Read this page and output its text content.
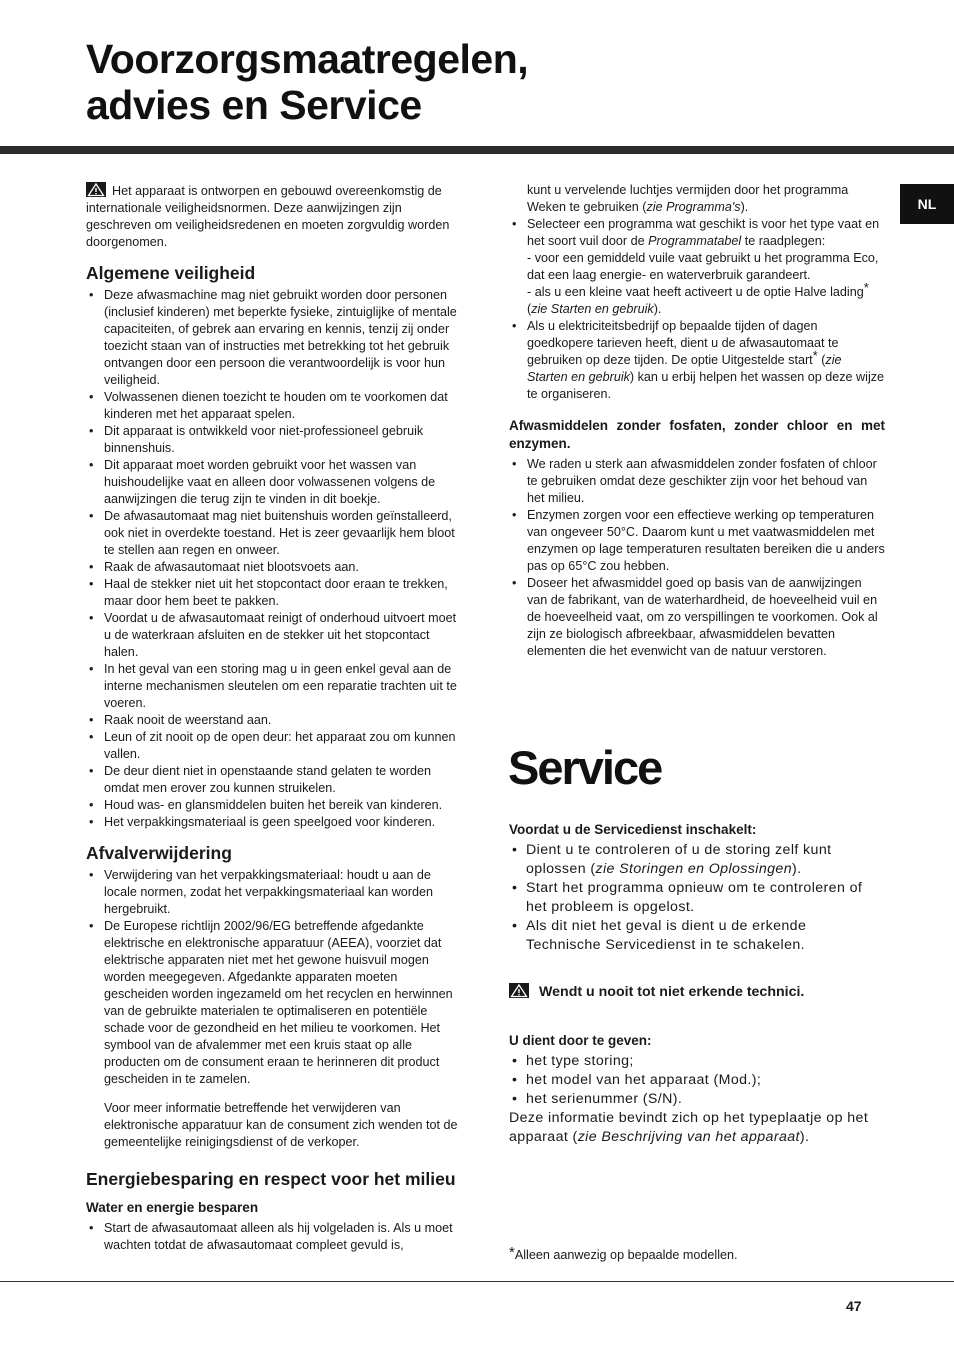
Voorzorgsmaatregelen,
advies en Service
NL

Het apparaat is ontworpen en gebouwd overeenkomstig de internationale veiligheidsnormen. Deze aanwijzingen zijn geschreven om veiligheidsredenen en moeten zorgvuldig worden doorgenomen.

Algemene veiligheid
• Deze afwasmachine mag niet gebruikt worden door personen (inclusief kinderen) met beperkte fysieke, zintuiglijke of mentale capaciteiten, of gebrek aan ervaring en kennis, tenzij zij onder toezicht staan van of instructies met betrekking tot het gebruik ontvangen door een persoon die verantwoordelijk is voor hun veiligheid.
• Volwassenen dienen toezicht te houden om te voorkomen dat kinderen met het apparaat spelen.
• Dit apparaat is ontwikkeld voor niet-professioneel gebruik binnenshuis.
• Dit apparaat moet worden gebruikt voor het wassen van huishoudelijke vaat en alleen door volwassenen volgens de aanwijzingen die terug zijn te vinden in dit boekje.
• De afwasautomaat mag niet buitenshuis worden geïnstalleerd, ook niet in overdekte toestand. Het is zeer gevaarlijk hem bloot te stellen aan regen en onweer.
• Raak de afwasautomaat niet blootsvoets aan.
• Haal de stekker niet uit het stopcontact door eraan te trekken, maar door hem beet te pakken.
• Voordat u de afwasautomaat reinigt of onderhoud uitvoert moet u de waterkraan afsluiten en de stekker uit het stopcontact halen.
• In het geval van een storing mag u in geen enkel geval aan de interne mechanismen sleutelen om een reparatie trachten uit te voeren.
• Raak nooit de weerstand aan.
• Leun of zit nooit op de open deur: het apparaat zou om kunnen vallen.
• De deur dient niet in openstaande stand gelaten te worden omdat men erover zou kunnen struikelen.
• Houd was- en glansmiddelen buiten het bereik van kinderen.
• Het verpakkingsmateriaal is geen speelgoed voor kinderen.
Afvalverwijdering
• Verwijdering van het verpakkingsmateriaal: houdt u aan de locale normen, zodat het verpakkingsmateriaal kan worden hergebruikt.
• De Europese richtlijn 2002/96/EG betreffende afgedankte elektrische en elektronische apparatuur (AEEA), voorziet dat elektrische apparaten niet met het gewone huisvuil mogen worden meegegeven. Afgedankte apparaten moeten gescheiden worden ingezameld om het recyclen en herwinnen van de gebruikte materialen te optimaliseren en potentiële schade voor de gezondheid en het milieu te voorkomen. Het symbool van de afvalemmer met een kruis staat op alle producten om de consument eraan te herinneren dit product gescheiden in te zamelen.
Voor meer informatie betreffende het verwijderen van elektronische apparatuur kan de consument zich wenden tot de gemeentelijke reinigingsdienst of de verkoper.
Energiebesparing en respect voor het milieu
Water en energie besparen
• Start de afwasautomaat alleen als hij volgeladen is. Als u moet wachten totdat de afwasautomaat compleet gevuld is,
kunt u vervelende luchtjes vermijden door het programma Weken te gebruiken (zie Programma's).
• Selecteer een programma wat geschikt is voor het type vaat en het soort vuil door de Programmatabel te raadplegen:
- voor een gemiddeld vuile vaat gebruikt u het programma Eco, dat een laag energie- en waterverbruik garandeert.
- als u een kleine vaat heeft activeert u de optie Halve lading* (zie Starten en gebruik).
• Als u elektriciteitsbedrijf op bepaalde tijden of dagen goedkopere tarieven heeft, dient u de afwasautomaat te gebruiken op deze tijden. De optie Uitgestelde start* (zie Starten en gebruik) kan u erbij helpen het wassen op deze wijze te organiseren.
Afwasmiddelen zonder fosfaten, zonder chloor en met enzymen.
• We raden u sterk aan afwasmiddelen zonder fosfaten of chloor te gebruiken omdat deze geschikter zijn voor het behoud van het milieu.
• Enzymen zorgen voor een effectieve werking op temperaturen van ongeveer 50°C. Daarom kunt u met vaatwasmiddelen met enzymen op lage temperaturen resultaten bereiken die u anders pas op 65°C zou hebben.
• Doseer het afwasmiddel goed op basis van de aanwijzingen van de fabrikant, van de waterhardheid, de hoeveelheid vuil en de hoeveelheid vaat, om zo verspillingen te voorkomen. Ook al zijn ze biologisch afbreekbaar, afwasmiddelen bevatten elementen die het evenwicht van de natuur verstoren.
Service
Voordat u de Servicedienst inschakelt:
• Dient u te controleren of u de storing zelf kunt oplossen (zie Storingen en Oplossingen).
• Start het programma opnieuw om te controleren of het probleem is opgelost.
• Als dit niet het geval is dient u de erkende Technische Servicedienst in te schakelen.
Wendt u nooit tot niet erkende technici.
U dient door te geven:
• het type storing;
• het model van het apparaat (Mod.);
• het serienummer (S/N).
Deze informatie bevindt zich op het typeplaatje op het apparaat (zie Beschrijving van het apparaat).
*Alleen aanwezig op bepaalde modellen.
47
